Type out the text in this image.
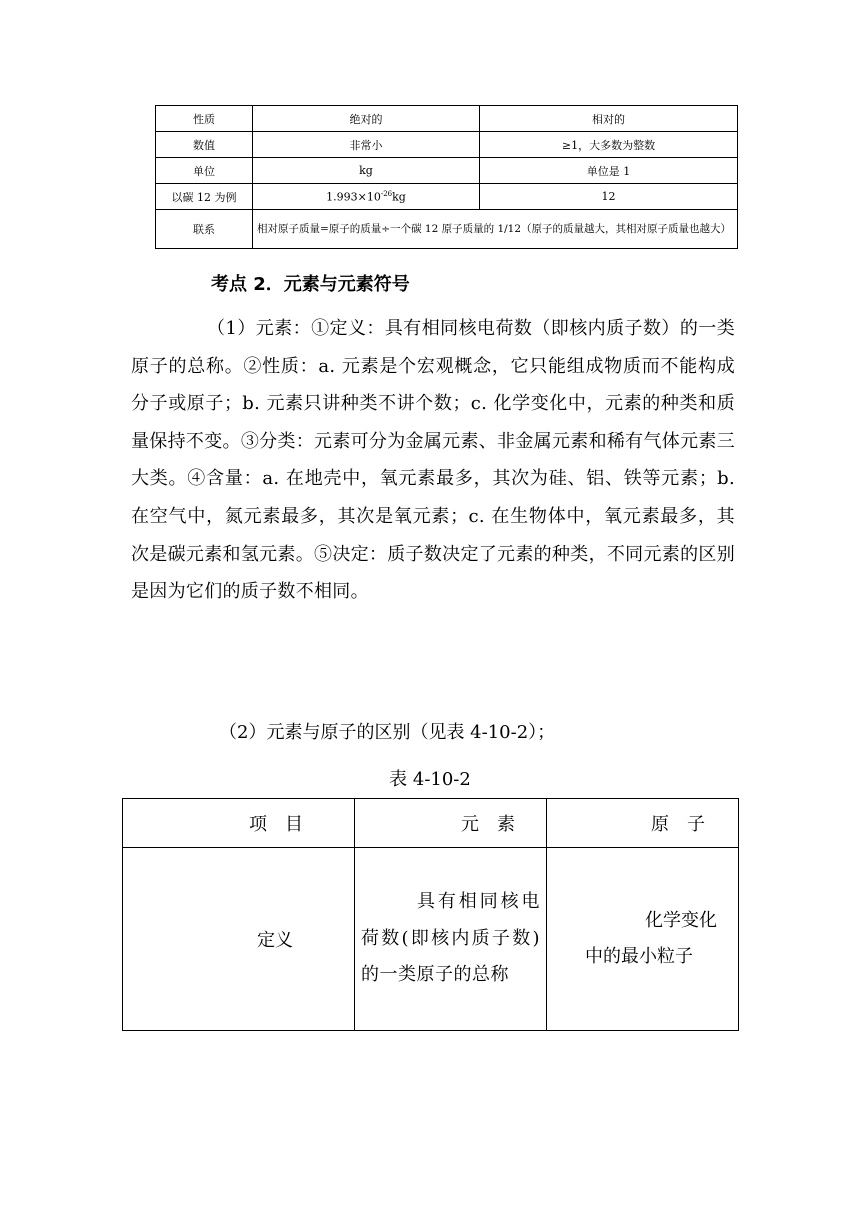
性质	绝对的	相对的
数值	非常小	≥1，大多数为整数
单位	kg	单位是 1
以碳 12 为例	$1.993\times 10^{-26}kg$	12
联系	相对原子质量=原子的质量÷一个碳 12 原子质量的 1/12（原子的质量越大，其相对原子质量也越大）	
考点 2．元素与元素符号
（1）元素：①定义：具有相同核电荷数（即核内质子数）的一类原子的总称。②性质：a. 元素是个宏观概念，它只能组成物质而不能构成分子或原子；b. 元素只讲种类不讲个数；c. 化学变化中，元素的种类和质量保持不变。③分类：元素可分为金属元素、非金属元素和稀有气体元素三大类。④含量：a. 在地壳中，氧元素最多，其次为硅、铝、铁等元素；b. 在空气中，氮元素最多，其次是氧元素；c. 在生物体中，氧元素最多，其次是碳元素和氢元素。⑤决定：质子数决定了元素的种类，不同元素的区别是因为它们的质子数不相同。
（2）元素与原子的区别（见表 4-10-2）；
表 4-10-2
项　目	元　素	原　子
定义	具有相同核电荷数(即核内质子数)的一类原子的总称	化学变化中的最小粒子
